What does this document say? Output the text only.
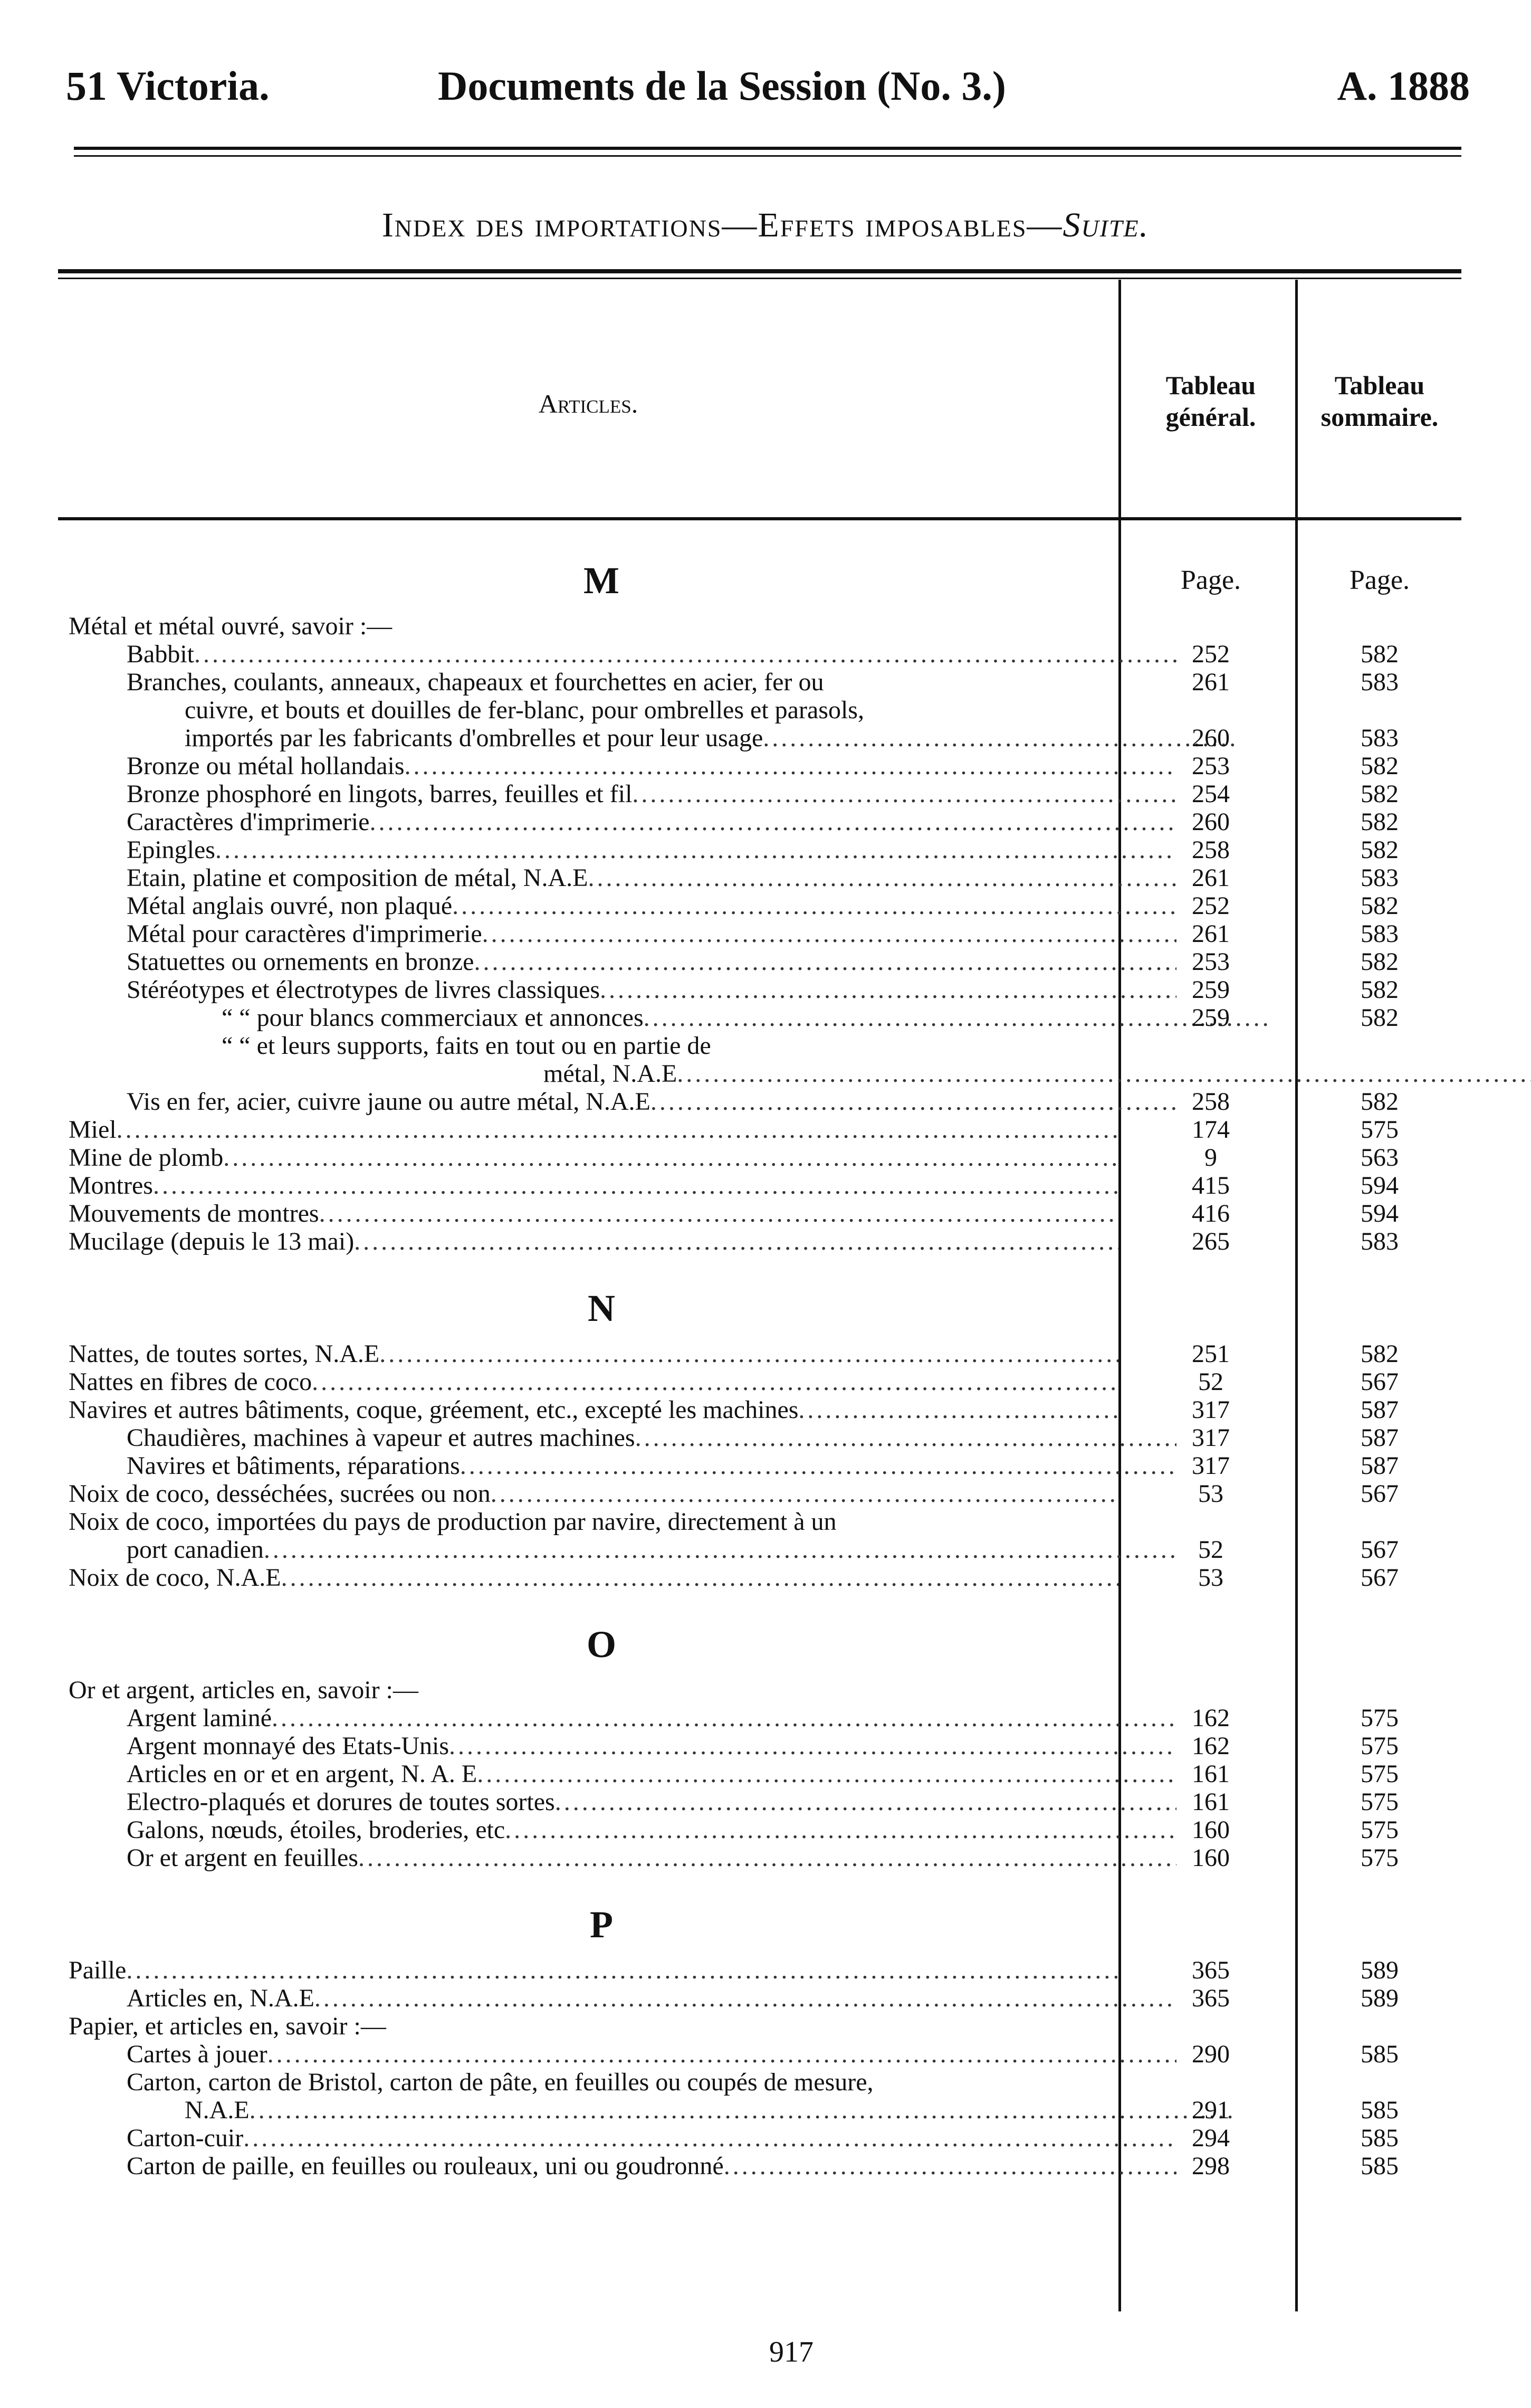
51 Victoria.	Documents de la Session (No. 3.)	A. 1888
Index des importations—Effets imposables—Suite.
Articles.
Tableau général.
Tableau sommaire.
M	Page.	Page.
Métal et métal ouvré, savoir :—
Babbit .....	252	582
Branches, coulants, anneaux, chapeaux et fourchettes en acier, fer ou	261	583
cuivre, et bouts et douilles de fer-blanc, pour ombrelles et parasols,
importés par les fabricants d'ombrelles et pour leur usage .....	260	583
Bronze ou métal hollandais .....	253	582
Bronze phosphoré en lingots, barres, feuilles et fil .....	254	582
Caractères d'imprimerie .....	260	582
Epingles .....	258	582
Etain, platine et composition de métal, N.A.E .....	261	583
Métal anglais ouvré, non plaqué .....	252	582
Métal pour caractères d'imprimerie .....	261	583
Statuettes ou ornements en bronze .....	253	582
Stéréotypes et électrotypes de livres classiques .....	259	582
“ “ pour blancs commerciaux et annonces .....	259	582
“ “ et leurs supports, faits en tout ou en partie de
métal, N.A.E
.....
Vis en fer, acier, cuivre jaune ou autre métal, N.A.E .....	258	582
Miel .....	174	575
Mine de plomb .....	9	563
Montres .....	415	594
Mouvements de montres .....	416	594
Mucilage (depuis le 13 mai) .....	265	583
N
Nattes, de toutes sortes, N.A.E .....	251	582
Nattes en fibres de coco .....	52	567
Navires et autres bâtiments, coque, gréement, etc., excepté les machines .....	317	587
Chaudières, machines à vapeur et autres machines .....	317	587
Navires et bâtiments, réparations .....	317	587
Noix de coco, desséchées, sucrées ou non .....	53	567
Noix de coco, importées du pays de production par navire, directement à un
port canadien .....	52	567
Noix de coco, N.A.E .....	53	567
O
Or et argent, articles en, savoir :—
Argent laminé .....	162	575
Argent monnayé des Etats-Unis .....	162	575
Articles en or et en argent, N. A. E .....	161	575
Electro-plaqués et dorures de toutes sortes .....	161	575
Galons, nœuds, étoiles, broderies, etc .....	160	575
Or et argent en feuilles .....	160	575
P
Paille .....	365	589
Articles en, N.A.E .....	365	589
Papier, et articles en, savoir :—
Cartes à jouer .....	290	585
Carton, carton de Bristol, carton de pâte, en feuilles ou coupés de mesure,
N.A.E .....	291	585
Carton-cuir .....	294	585
Carton de paille, en feuilles ou rouleaux, uni ou goudronné .....	298	585
917
